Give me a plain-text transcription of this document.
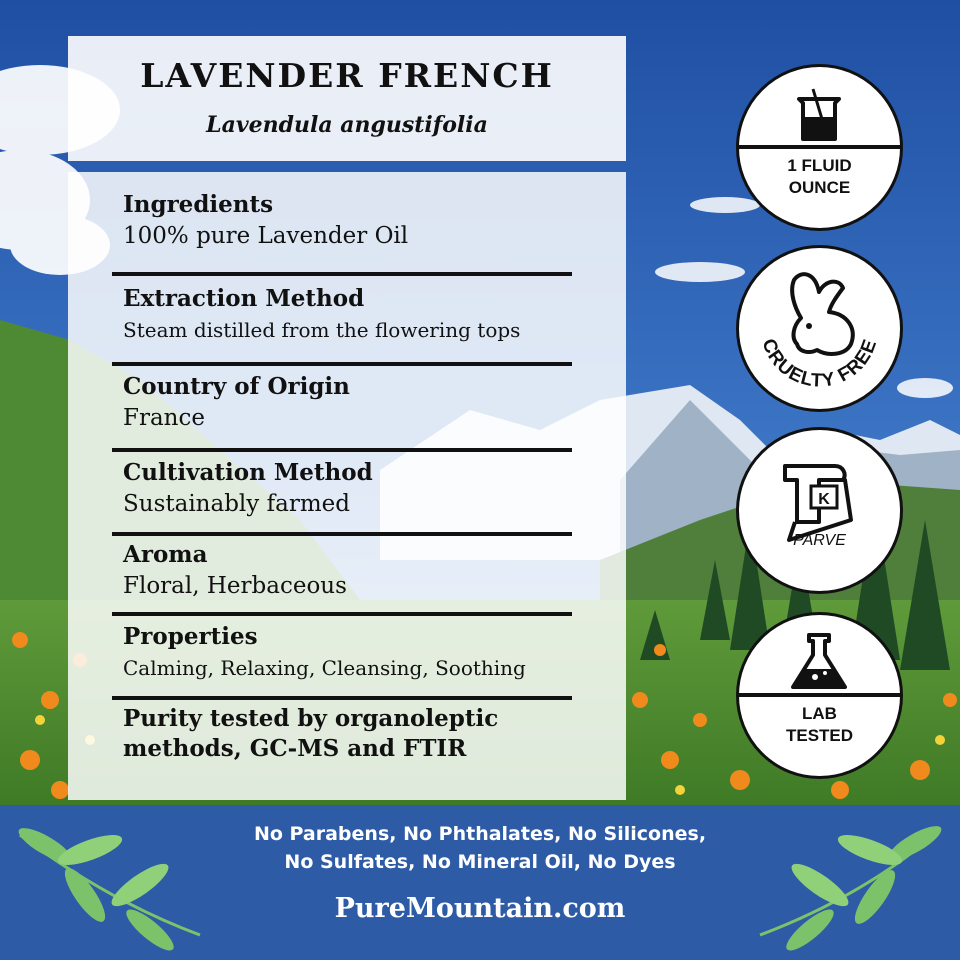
LAVENDER FRENCH
Lavendula angustifolia
Ingredients
100% pure Lavender Oil
Extraction Method
Steam distilled from the flowering tops
Country of Origin
France
Cultivation Method
Sustainably farmed
Aroma
Floral, Herbaceous
Properties
Calming, Relaxing, Cleansing, Soothing
Purity tested by organoleptic
methods, GC-MS and FTIR
1 FLUID
OUNCE
CRUELTY FREE
K
PARVE
LAB
TESTED
No Parabens, No Phthalates, No Silicones,
No Sulfates, No Mineral Oil, No Dyes
PureMountain.com
